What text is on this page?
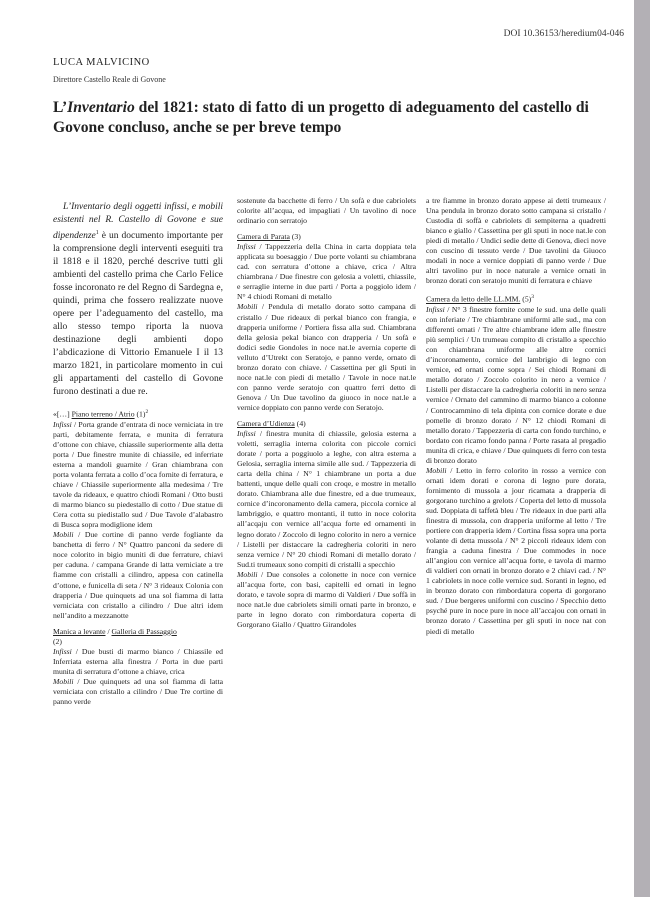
DOI 10.36153/heredium04-046
LUCA MALVICINO
Direttore Castello Reale di Govone
L’Inventario del 1821: stato di fatto di un progetto di adeguamento del castello di Govone concluso, anche se per breve tempo

L’Inventario degli oggetti infissi, e mobili esistenti nel R. Castello di Govone e sue dipendenze$^1$ è un documento importante per la comprensione degli interventi eseguiti tra il 1818 e il 1820, perché descrive tutti gli ambienti del castello prima che Carlo Felice fosse incoronato re del Regno di Sardegna e, quindi, prima che fossero realizzate nuove opere per l’adeguamento del castello, ma allo stesso tempo riporta la nuova destinazione degli ambienti dopo l’abdicazione di Vittorio Emanuele I il 13 marzo 1821, in particolare momento in cui gli appartamenti del castello di Govone furono destinati a due re.

«[…] Piano terreno / Atrio $(1)^2$

Infissi / Porta grande d’entrata di noce verniciata in tre parti, debitamente ferrata, e munita di ferratura d’ottone con chiave, chiassile superiormente alla detta porta / Due finestre munite di chiassile, ed inferriate esterna a mandoli guarnite / Gran chiambrana con porta volanta ferrata a collo d’oca fornite di ferratura, e chiave / Chiassile superiormente alla medesima / Tre tavole da rideaux, e quattro chiodi Romani / Otto busti di marmo bianco su piedestallo di cotto / Due statue di Cera cotta su piedistallo sud / Due Tavole d’alabastro di Busca sopra modiglione idem

Mobili / Due cortine di panno verde fogliante da banchetta di ferro / N° Quattro panconi da sedere di noce colorito in bigio muniti di due ferrature, chiavi per caduna. / campana Grande di latta verniciate a tre fiamme con cristalli a cilindro, appesa con catinella d’ottone, e funicella di seta / N° 3 rideaux Colonia con drapperia / Due quinquets ad una sol fiamma di latta verniciata con cristallo a cilindro / Due altri idem nell’andito a mezzanotte

Manica a levante / Galleria di Passaggio
(2)

Infissi / Due busti di marmo bianco / Chiassile ed Inferriata esterna alla finestra / Porta in due parti munita di serratura d’ottone a chiave, crica

Mobili / Due quinquets ad una sol fiamma di latta verniciata con cristallo a cilindro / Due Tre cortine di panno verde

sostenute da bacchette di ferro / Un sofà e due cabriolets colorite all’acqua, ed impagliati / Un tavolino di noce ordinario con serratojo

Camera di Parata (3)

Infissi / Tappezzeria della China in carta doppiata tela applicata su boesaggio / Due porte volanti su chiambrana cad. con serratura d’ottone a chiave, crica / Altra chiambrana / Due finestre con gelosia a voletti, chiassile, e serraglie interne in due parti / Porta a poggiolo idem / N° 4 chiodi Romani di metallo

Mobili / Pendula di metallo dorato sotto campana di cristallo / Due rideaux di perkal bianco con frangia, e drapperia uniforme / Portiera fissa alla sud. Chiambrana della gelosia pekal bianco con drapperia / Un sofà e dodici sedie Gondoles in noce nat.le avernia coperte di velluto d’Utrekt con Seratojo, e panno verde, ornato di bronzo dorato con chiave. / Cassettina per gli Sputi in noce nat.le con piedi di metallo / Tavole in noce nat.le con panno verde seratojo con quattro ferri detto di Genova / Un Due tavolino da giuoco in noce nat.le a vernice doppiato con panno verde con Seratojo.

Camera d’Udienza (4)

Infissi / finestra munita di chiassile, gelosia esterna a voletti, serraglia interna colorita con piccole cornici dorate / porta a poggiuolo a leghe, con altra esterna a Gelosia, serraglia interna simile alle sud. / Tappezzeria di carta della china / N° 1 chiambrane un porta a due battenti, unque delle quali con croqe, e mostre in metallo dorato. Chiambrana alle due finestre, ed a due trumeaux, cornice d’incoronamento della camera, piccola cornice al lambriggio, e quattro montanti, il tutto in noce colorita all’acqaju con vernice all’acqua forte ed ornamenti in legno dorato / Zoccolo di legno colorito in nero a vernice / Listelli per distaccare la cadregheria coloriti in nero senza vernice / N° 20 chiodi Romani di metallo dorato / Sud.ti trumeaux sono compiti di cristalli a specchio

Mobili / Due consoles a colonette in noce con vernice all’acqua forte, con basi, capitelli ed ornati in legno dorato, e tavole sopra di marmo di Valdieri / Due soffà in noce nat.le due cabriolets simili ornati parte in bronzo, e parte in legno dorato con rimbordatura coperta di Gorgorano Giallo / Quattro Girandoles

a tre fiamme in bronzo dorato appese ai detti trumeaux / Una pendula in bronzo dorato sotto campana si cristallo / Custodia di soffà e cabriolets di sempiterna a quadretti bianco e giallo / Cassettina per gli sputi in noce nat.le con piedi di metallo / Undici sedie dette di Genova, dieci nove con cuscino di tessuto verde / Due tavolini da Giuoco modali in noce a vernice doppiati di panno verde / Due altri tavolino pur in noce naturale a vernice ornati in bronzo dorati con seratojo muniti di ferratura e chiave

Camera da letto delle LL.MM. $(5)^3$

Infissi / N° 3 finestre fornite come le sud. una delle quali con inferiate / Tre chiambrane uniformi alle sud., ma con differenti ornati / Tre altre chiambrane idem alle finestre più semplici / Un trumeau compito di cristallo a specchio con chiambrana uniforme alle altre cornici d’incoronamento, cornice del lambrigio di legno con vernice, ed ornati come sopra / Sei chiodi Romani di metallo dorato / Zoccolo colorito in nero a vernice / Listelli per distaccare la cadregheria coloriti in nero senza vernice / Ornato del cammino di marmo bianco a colonne / Controcammino di tela dipinta con cornice dorate e due pomelle di bronzo dorato / N° 12 chiodi Romani di metallo dorato / Tappezzeria di carta con fondo turchino, e bordato con ricamo fondo panna / Porte rasata al pregadio munita di crica, e chiave / Due quinquets di ferro con testa di bronzo dorato

Mobili / Letto in ferro colorito in rosso a vernice con ornati idem dorati e corona di legno pure dorata, fornimento di mussola a jour ricamata a drapperia di gorgorano turchino a grelots / Coperta del letto di mussola sud. Doppiata di taffetà bleu / Tre rideaux in due parti alla finestra di mussola, con drapperia uniforme al letto / Tre portiere con drapperia idem / Cortina fissa sopra una porta volante di detta mussola / N° 2 piccoli rideaux idem con frangia a caduna finestra / Due commodes in noce all’angiou con vernice all’acqua forte, e tavola di marmo di valdieri con ornati in bronzo dorato e 2 chiavi cad. / N° 1 cabriolets in noce colle vernice sud. Soranti in legno, ed in bronzo dorato con rimbordatura coperta di gorgorano sud. / Due bergeres uniformi con cuscino / Specchio detto psyché pure in noce pure in noce all’accajou con ornati in bronzo dorato / Cassettina per gli sputi in noce nat con piedi di metallo
